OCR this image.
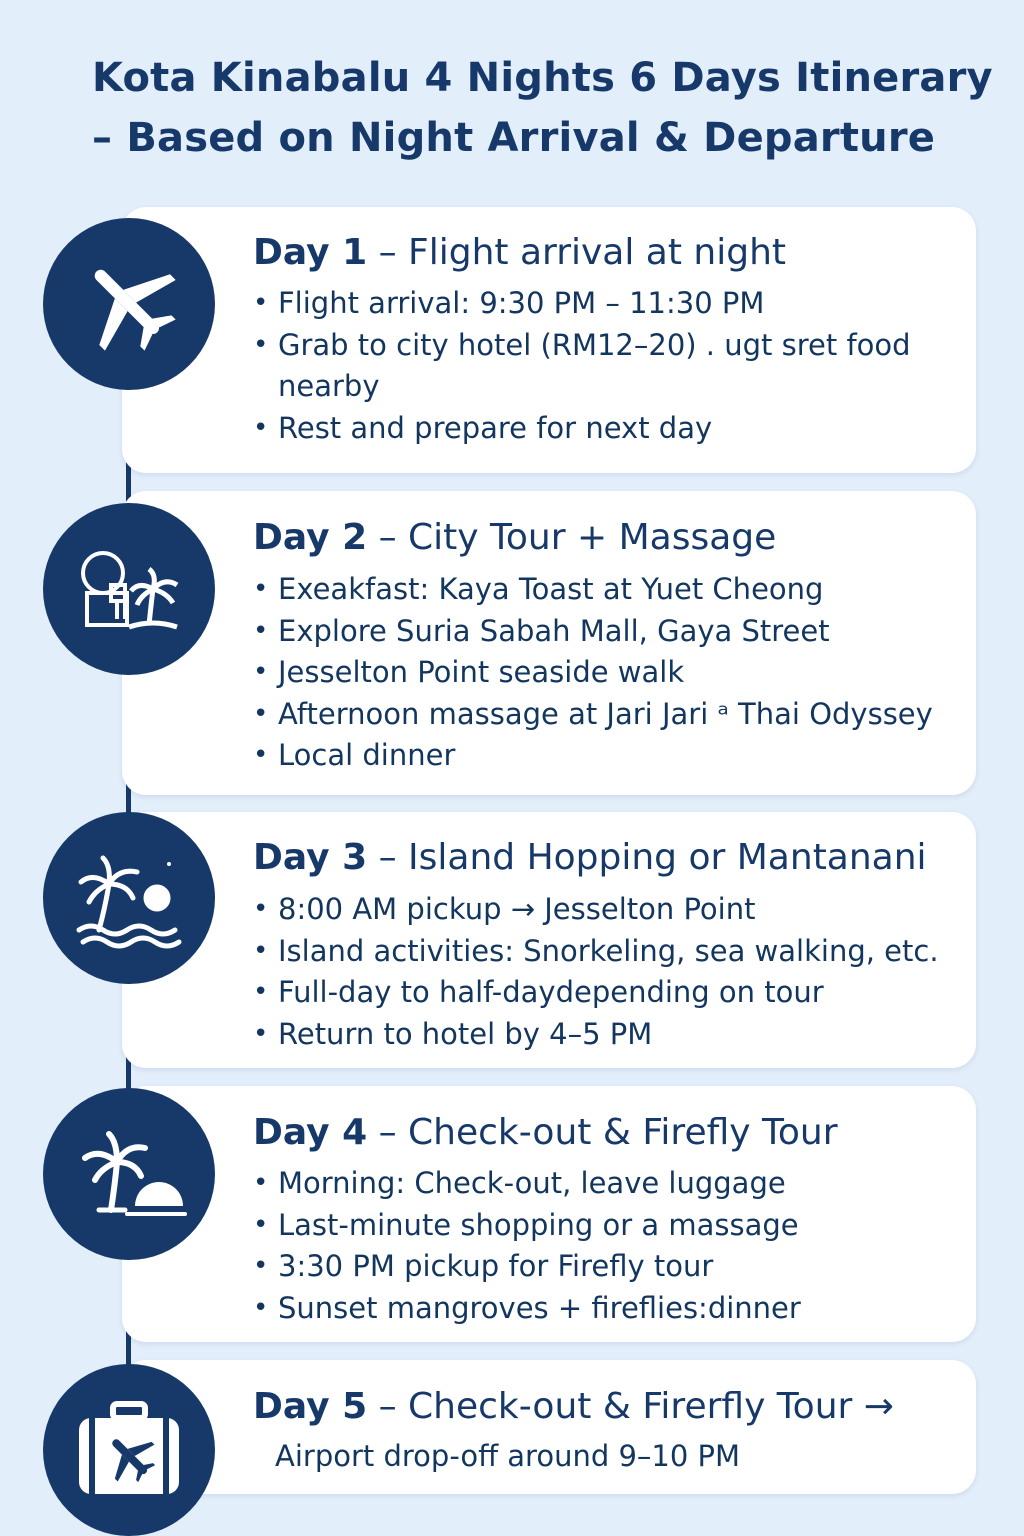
Kota Kinabalu 4 Nights 6 Days Itinerary
– Based on Night Arrival & Departure
Day 1 – Flight arrival at night
• Flight arrival: 9:30 PM – 11:30 PM
• Grab to city hotel (RM12–20) . ugt sret food nearby
• Rest and prepare for next day
Day 2 – City Tour + Massage
• Exeakfast: Kaya Toast at Yuet Cheong
• Explore Suria Sabah Mall, Gaya Street
• Jesselton Point seaside walk
• Afternoon massage at Jari Jari ᵃ Thai Odyssey
• Local dinner
Day 3 – Island Hopping or Mantanani
• 8:00 AM pickup → Jesselton Point
• Island activities: Snorkeling, sea walking, etc.
• Full-day to half-daydepending on tour
• Return to hotel by 4–5 PM
Day 4 – Check-out & Firefly Tour
• Morning: Check-out, leave luggage
• Last-minute shopping or a massage
• 3:30 PM pickup for Firefly tour
• Sunset mangroves + fireflies:dinner
Day 5 – Check-out & Firerfly Tour →
Airport drop-off around 9–10 PM
